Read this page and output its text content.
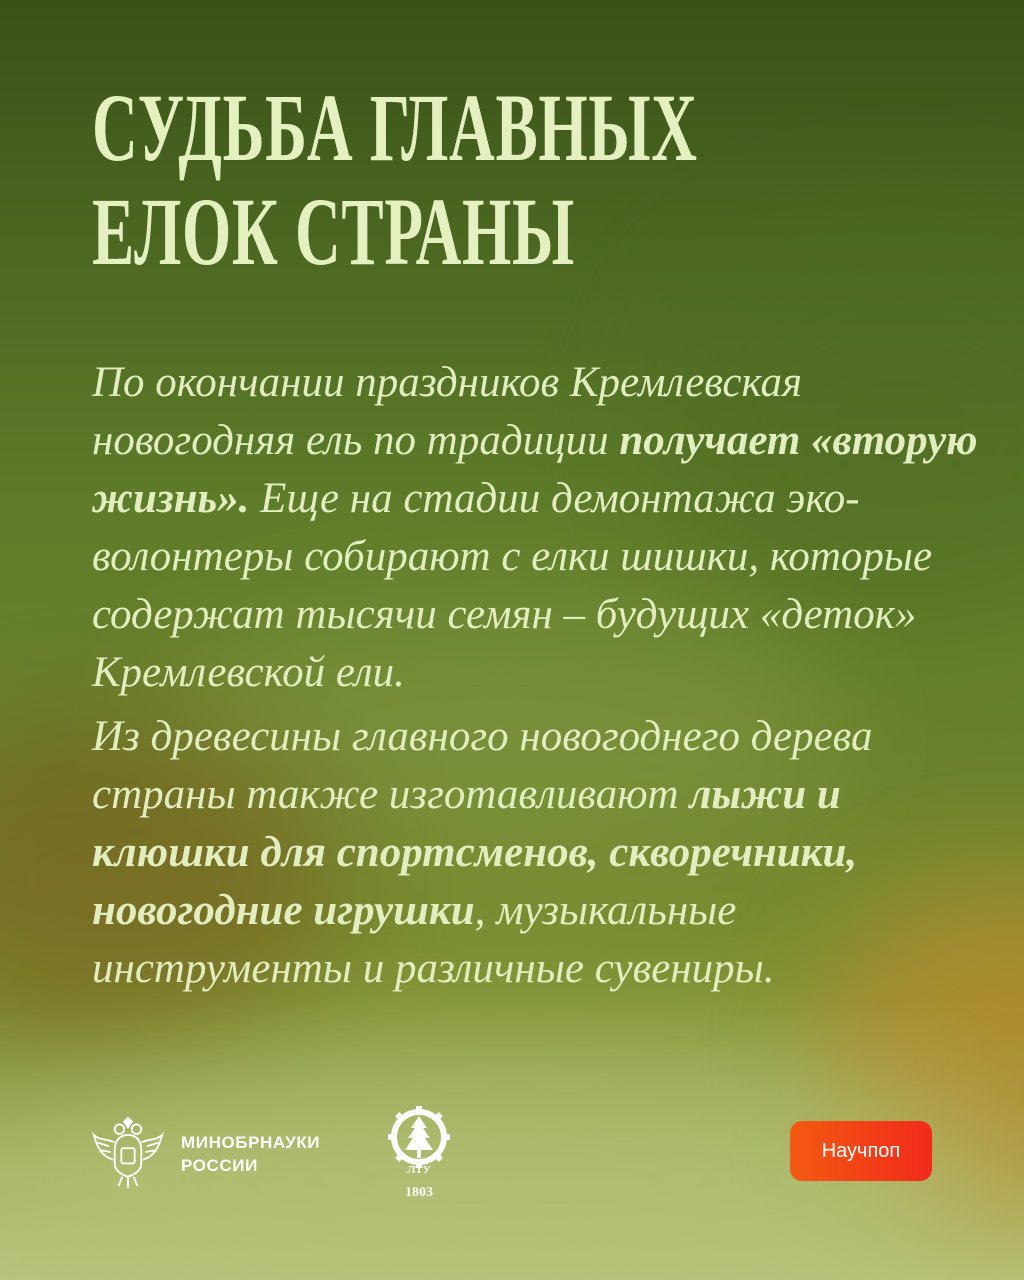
СУДЬБА ГЛАВНЫХ
ЕЛОК СТРАНЫ

По окончании праздников Кремлевская новогодняя ель по традиции получает «вторую жизнь». Еще на стадии демонтажа эко-волонтеры собирают с елки шишки, которые содержат тысячи семян – будущих «деток» Кремлевской ели.

Из древесины главного новогоднего дерева страны также изготавливают лыжи и клюшки для спортсменов, скворечники, новогодние игрушки, музыкальные инструменты и различные сувениры.

МИНОБРНАУКИ
РОССИИ	ЛТУ
1803
Научпоп
